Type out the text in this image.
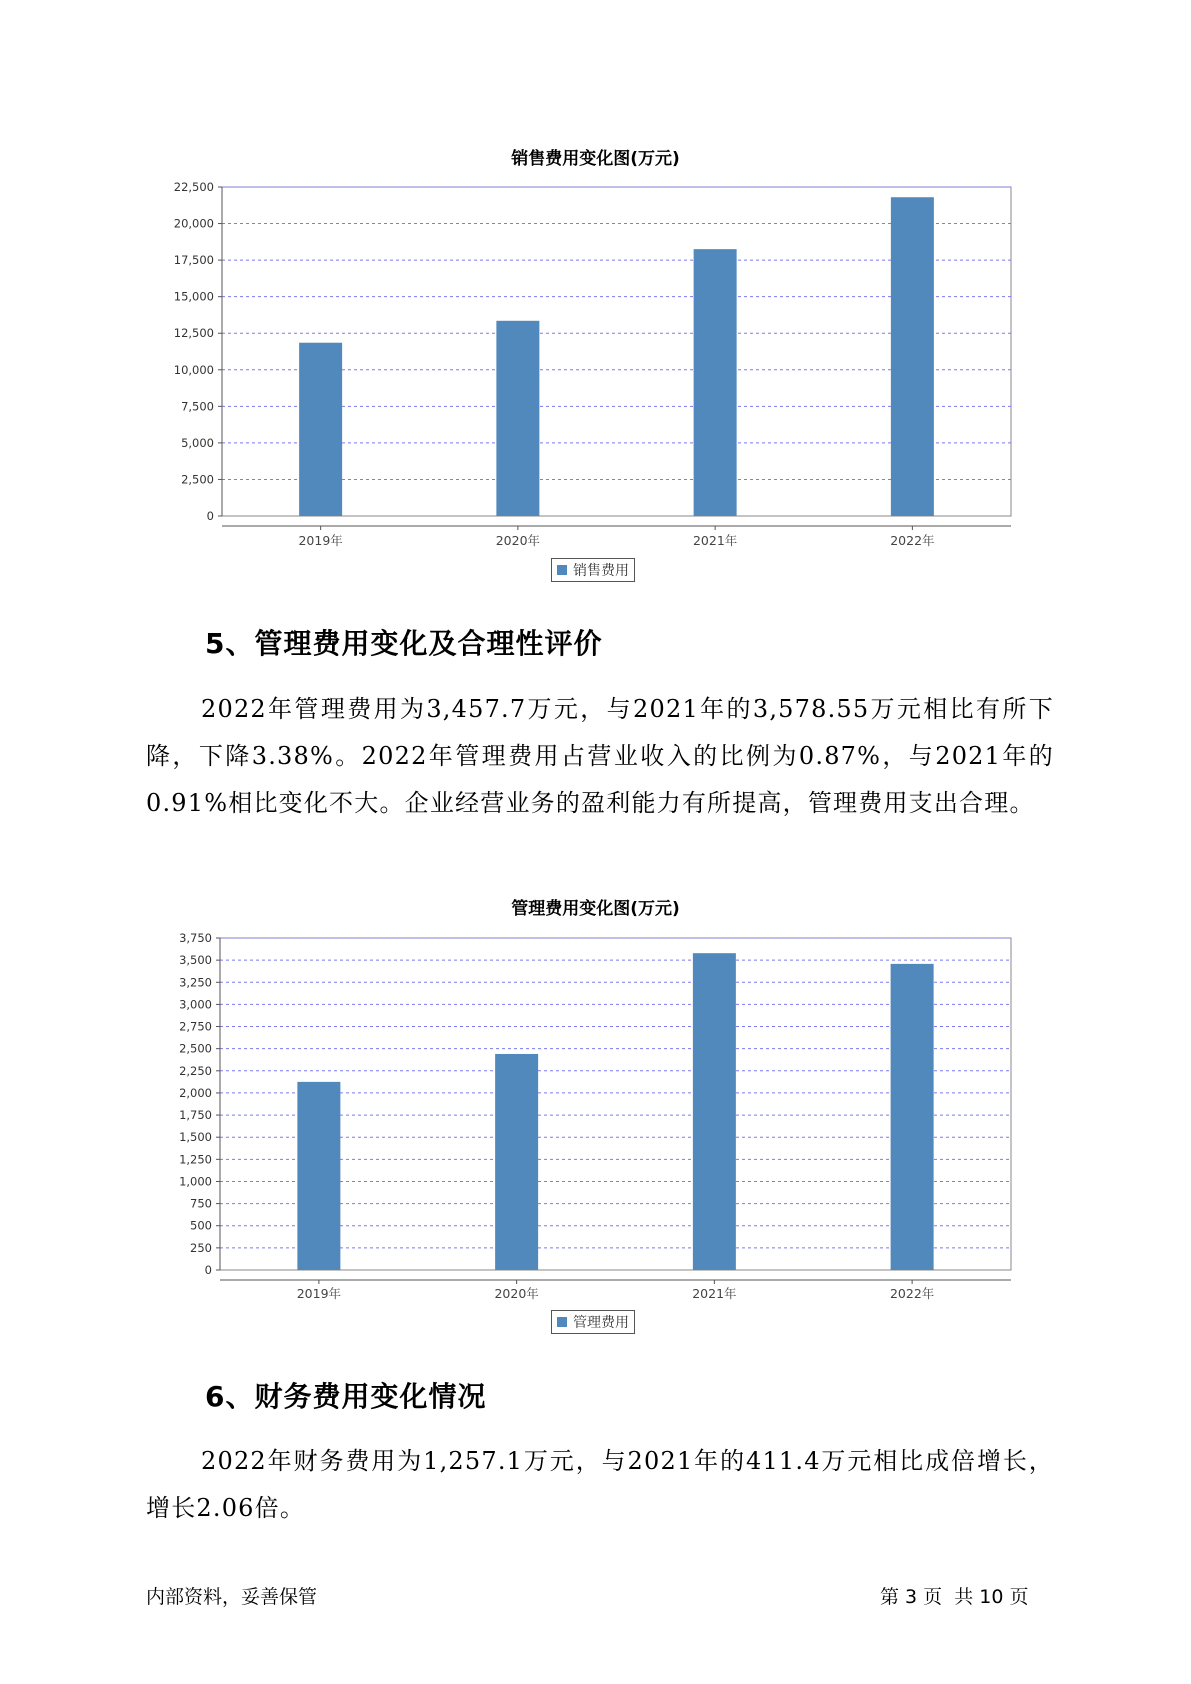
销售费用变化图(万元)
0
2,500
5,000
7,500
10,000
12,500
15,000
17,500
20,000
22,500
2019年	2020年	2021年	2022年
销售费用
5、管理费用变化及合理性评价
2022年管理费用为3,457.7万元，与2021年的3,578.55万元相比有所下降，下降3.38%。2022年管理费用占营业收入的比例为0.87%，与2021年的0.91%相比变化不大。企业经营业务的盈利能力有所提高，管理费用支出合理。
管理费用变化图(万元)
0
250
500
750
1,000
1,250
1,500
1,750
2,000
2,250
2,500
2,750
3,000
3,250
3,500
3,750
2019年	2020年	2021年	2022年
管理费用
6、财务费用变化情况
2022年财务费用为1,257.1万元，与2021年的411.4万元相比成倍增长，增长2.06倍。
内部资料，妥善保管	第 3 页  共 10 页
